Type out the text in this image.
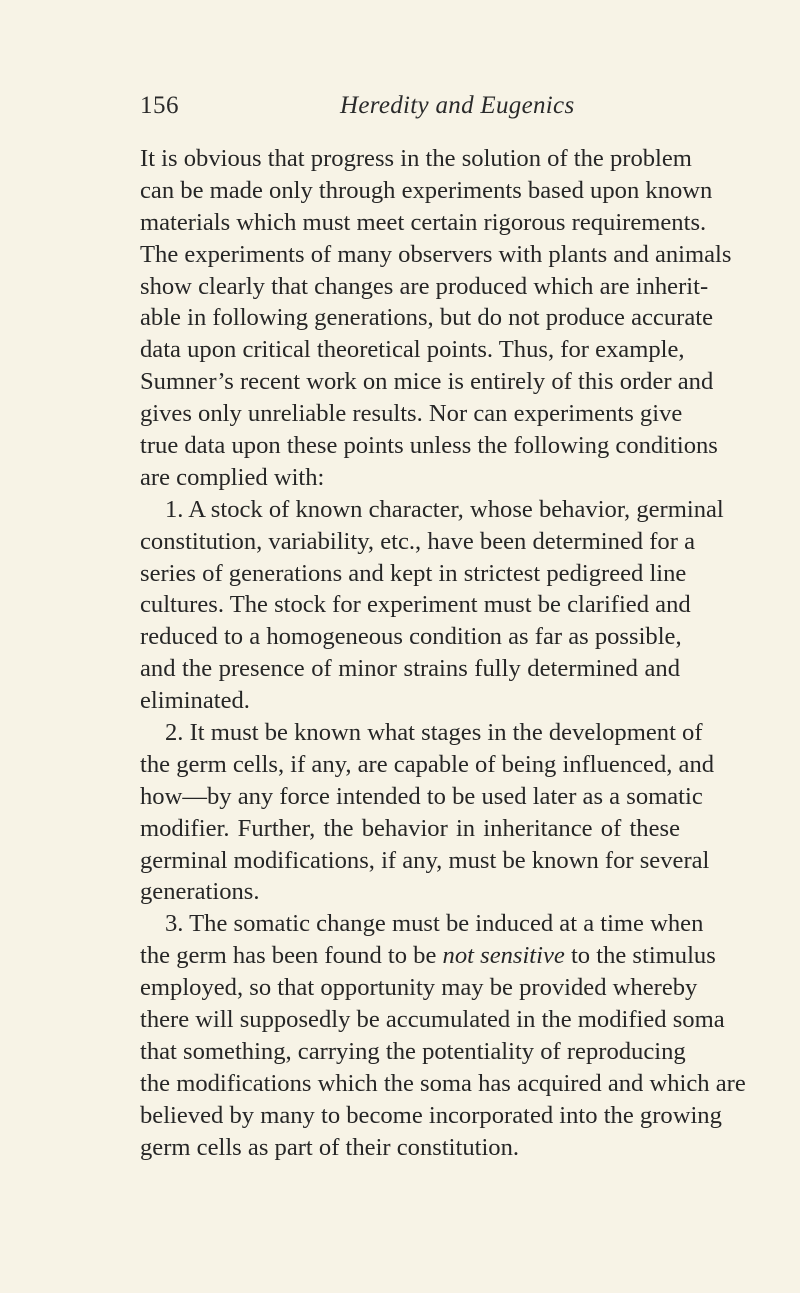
156	Heredity and Eugenics
It is obvious that progress in the solution of the problem
can be made only through experiments based upon known
materials which must meet certain rigorous requirements.
The experiments of many observers with plants and animals
show clearly that changes are produced which are inherit-
able in following generations, but do not produce accurate
data upon critical theoretical points. Thus, for example,
Sumner’s recent work on mice is entirely of this order and
gives only unreliable results. Nor can experiments give
true data upon these points unless the following conditions
are complied with:
1. A stock of known character, whose behavior, germinal
constitution, variability, etc., have been determined for a
series of generations and kept in strictest pedigreed line
cultures. The stock for experiment must be clarified and
reduced to a homogeneous condition as far as possible,
and the presence of minor strains fully determined and
eliminated.
2. It must be known what stages in the development of
the germ cells, if any, are capable of being influenced, and
how—by any force intended to be used later as a somatic
modifier. Further, the behavior in inheritance of these
germinal modifications, if any, must be known for several
generations.
3. The somatic change must be induced at a time when
the germ has been found to be not sensitive to the stimulus
employed, so that opportunity may be provided whereby
there will supposedly be accumulated in the modified soma
that something, carrying the potentiality of reproducing
the modifications which the soma has acquired and which are
believed by many to become incorporated into the growing
germ cells as part of their constitution.
